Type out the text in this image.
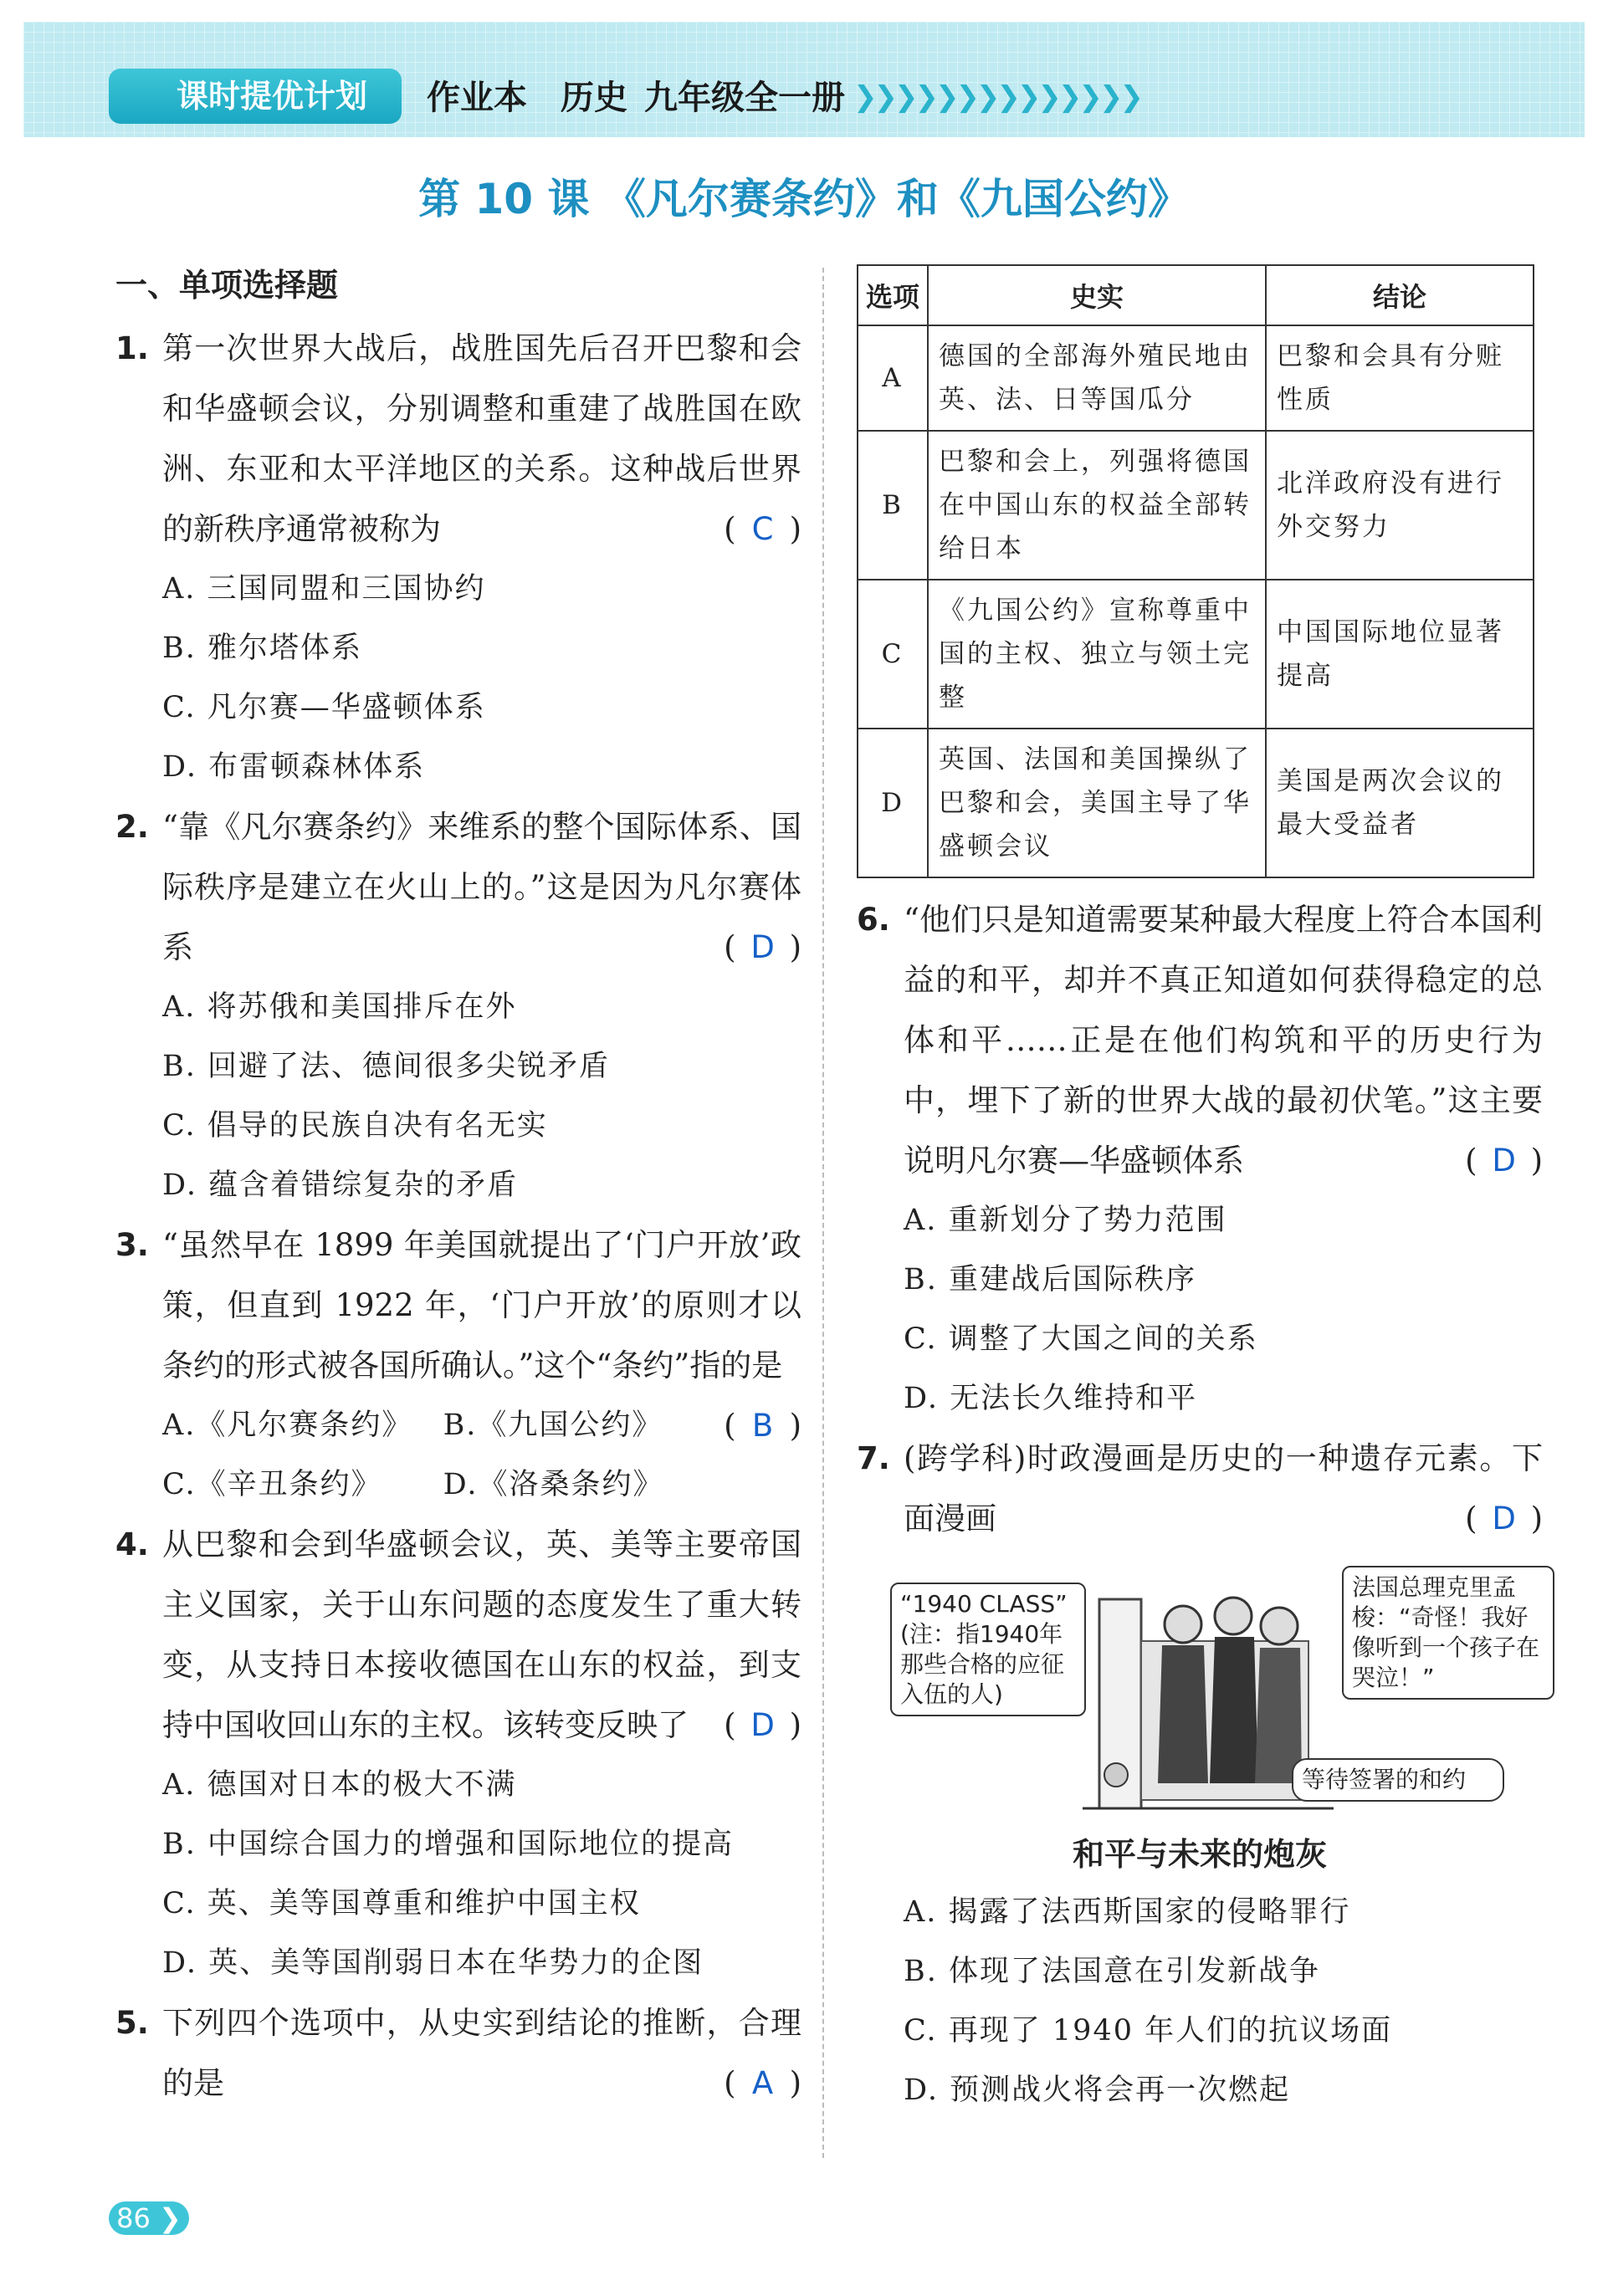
课时提优计划	作业本 历史 九年级全一册 ❯❯❯❯❯❯❯❯❯❯❯❯❯❯
第 10 课 《凡尔赛条约》和《九国公约》
一、单项选择题
1. 第一次世界大战后，战胜国先后召开巴黎和会和华盛顿会议，分别调整和重建了战胜国在欧洲、东亚和太平洋地区的关系。这种战后世界的新秩序通常被称为	( C )
A. 三国同盟和三国协约
B. 雅尔塔体系
C. 凡尔赛—华盛顿体系
D. 布雷顿森林体系
2. “靠《凡尔赛条约》来维系的整个国际体系、国际秩序是建立在火山上的。”这是因为凡尔赛体系	( D )
A. 将苏俄和美国排斥在外
B. 回避了法、德间很多尖锐矛盾
C. 倡导的民族自决有名无实
D. 蕴含着错综复杂的矛盾
3. “虽然早在 1899 年美国就提出了‘门户开放’政策，但直到 1922 年，‘门户开放’的原则才以条约的形式被各国所确认。”这个“条约”指的是
( B )
A.《凡尔赛条约》	B.《九国公约》
C.《辛丑条约》	D.《洛桑条约》
4. 从巴黎和会到华盛顿会议，英、美等主要帝国主义国家，关于山东问题的态度发生了重大转变，从支持日本接收德国在山东的权益，到支持中国收回山东的主权。该转变反映了 ( D )
A. 德国对日本的极大不满
B. 中国综合国力的增强和国际地位的提高
C. 英、美等国尊重和维护中国主权
D. 英、美等国削弱日本在华势力的企图
5. 下列四个选项中，从史实到结论的推断，合理的是	( A )
选项	史实	结论
A	德国的全部海外殖民地由英、法、日等国瓜分	巴黎和会具有分赃性质
B	巴黎和会上，列强将德国在中国山东的权益全部转给日本	北洋政府没有进行外交努力
C	《九国公约》宣称尊重中国的主权、独立与领土完整	中国国际地位显著提高
D	英国、法国和美国操纵了巴黎和会，美国主导了华盛顿会议	美国是两次会议的最大受益者
6. “他们只是知道需要某种最大程度上符合本国利益的和平，却并不真正知道如何获得稳定的总体和平……正是在他们构筑和平的历史行为中，埋下了新的世界大战的最初伏笔。”这主要说明凡尔赛—华盛顿体系	( D )
A. 重新划分了势力范围
B. 重建战后国际秩序
C. 调整了大国之间的关系
D. 无法长久维持和平
7. (跨学科)时政漫画是历史的一种遗存元素。下面漫画	( D )
“1940 CLASS” (注：指1940年那些合格的应征入伍的人)
法国总理克里孟梭：“奇怪！我好像听到一个孩子在哭泣！”
等待签署的和约
和平与未来的炮灰
A. 揭露了法西斯国家的侵略罪行
B. 体现了法国意在引发新战争
C. 再现了 1940 年人们的抗议场面
D. 预测战火将会再一次燃起
86 ❯
